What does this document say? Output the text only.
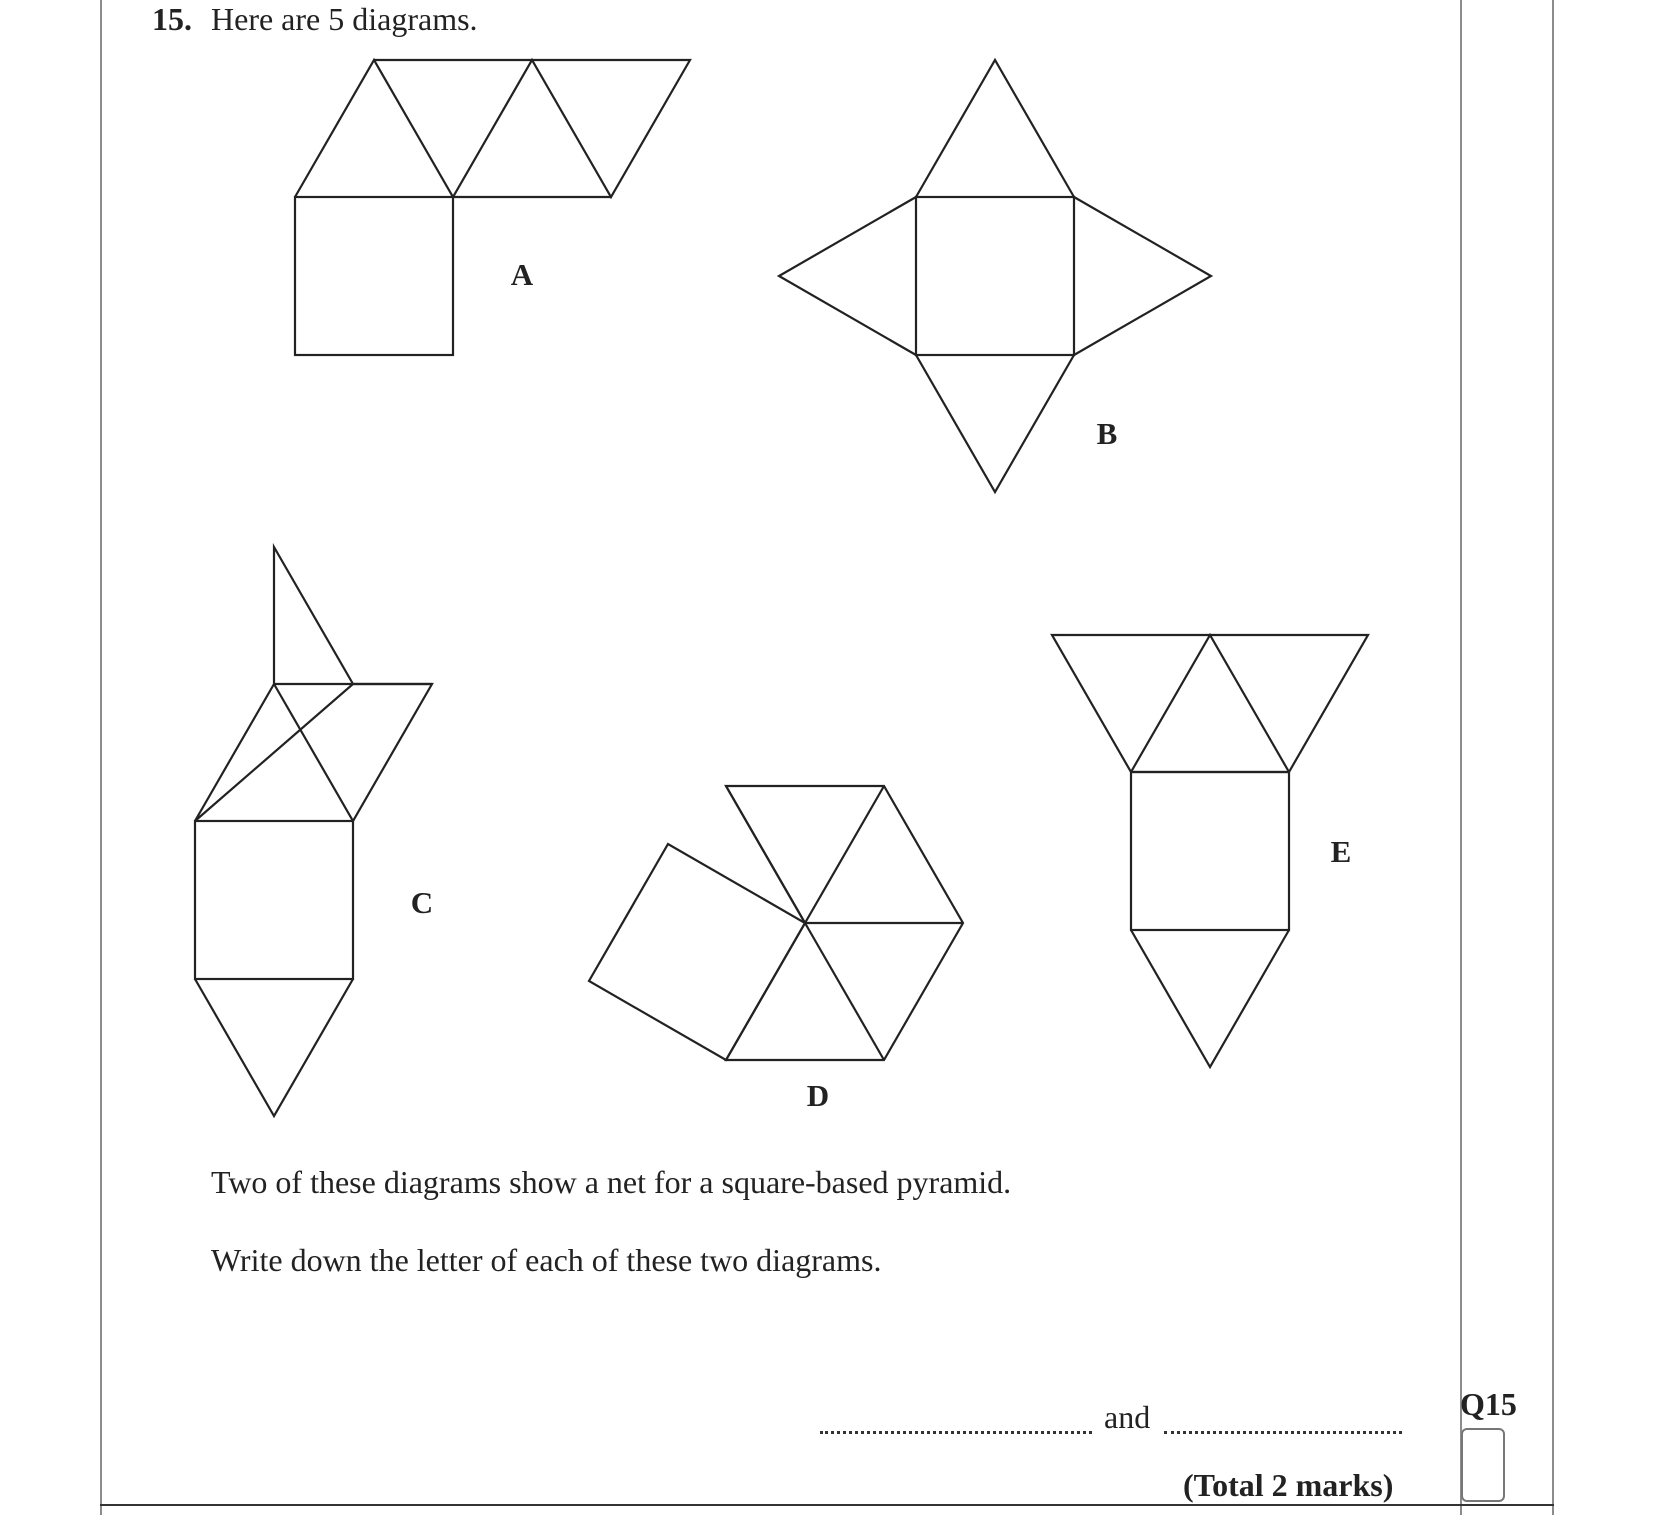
15. Here are 5 diagrams.
A
B
C
D
E
Two of these diagrams show a net for a square-based pyramid.
Write down the letter of each of these two diagrams.
and
(Total 2 marks)
Q15
